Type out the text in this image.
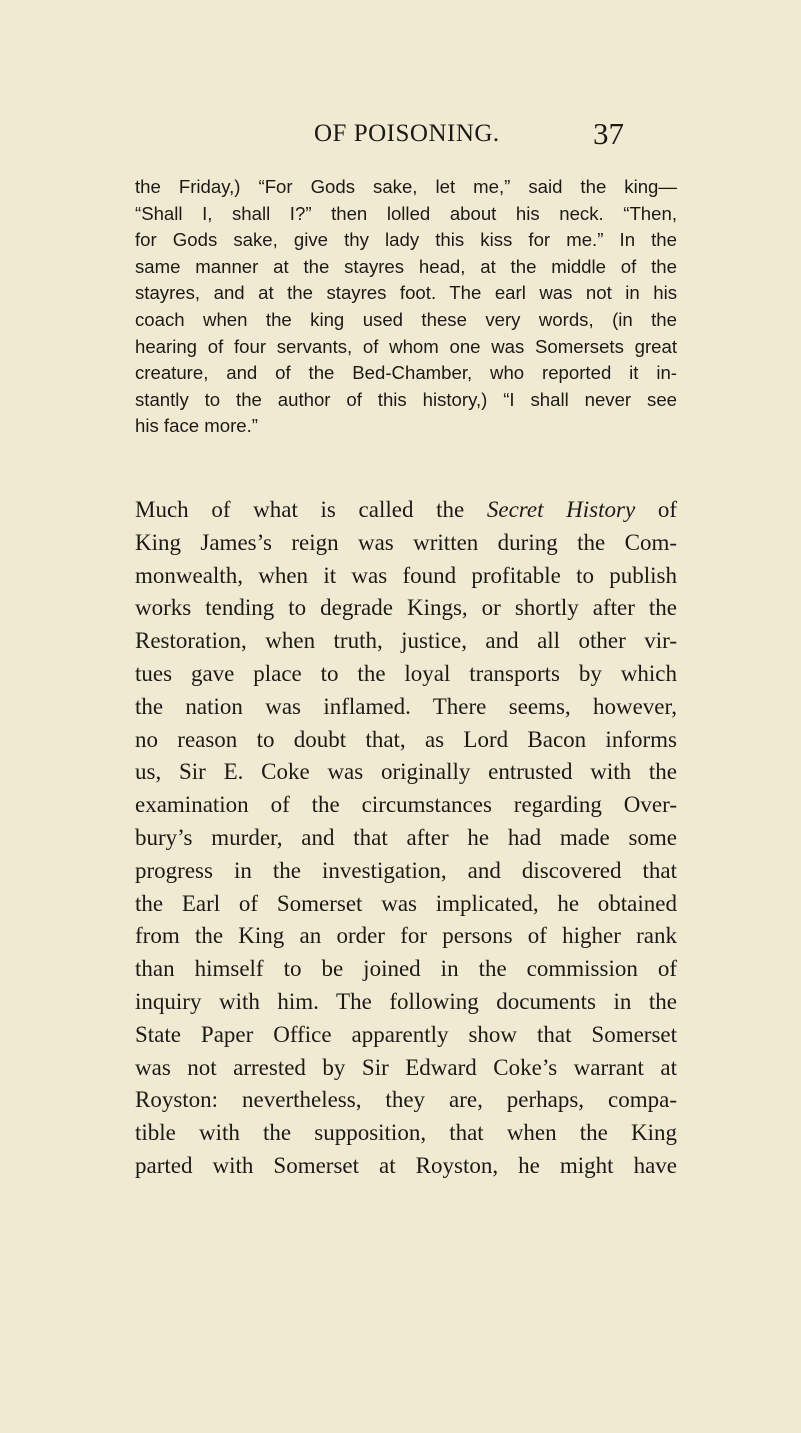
OF POISONING.	37
the Friday,) “For Gods sake, let me,” said the king—
“Shall I, shall I?” then lolled about his neck. “Then,
for Gods sake, give thy lady this kiss for me.” In the
same manner at the stayres head, at the middle of the
stayres, and at the stayres foot. The earl was not in his
coach when the king used these very words, (in the
hearing of four servants, of whom one was Somersets great
creature, and of the Bed-Chamber, who reported it in-
stantly to the author of this history,) “I shall never see
his face more.”
Much of what is called the Secret History of
King James’s reign was written during the Com-
monwealth, when it was found profitable to publish
works tending to degrade Kings, or shortly after the
Restoration, when truth, justice, and all other vir-
tues gave place to the loyal transports by which
the nation was inflamed. There seems, however,
no reason to doubt that, as Lord Bacon informs
us, Sir E. Coke was originally entrusted with the
examination of the circumstances regarding Over-
bury’s murder, and that after he had made some
progress in the investigation, and discovered that
the Earl of Somerset was implicated, he obtained
from the King an order for persons of higher rank
than himself to be joined in the commission of
inquiry with him. The following documents in the
State Paper Office apparently show that Somerset
was not arrested by Sir Edward Coke’s warrant at
Royston: nevertheless, they are, perhaps, compa-
tible with the supposition, that when the King
parted with Somerset at Royston, he might have
